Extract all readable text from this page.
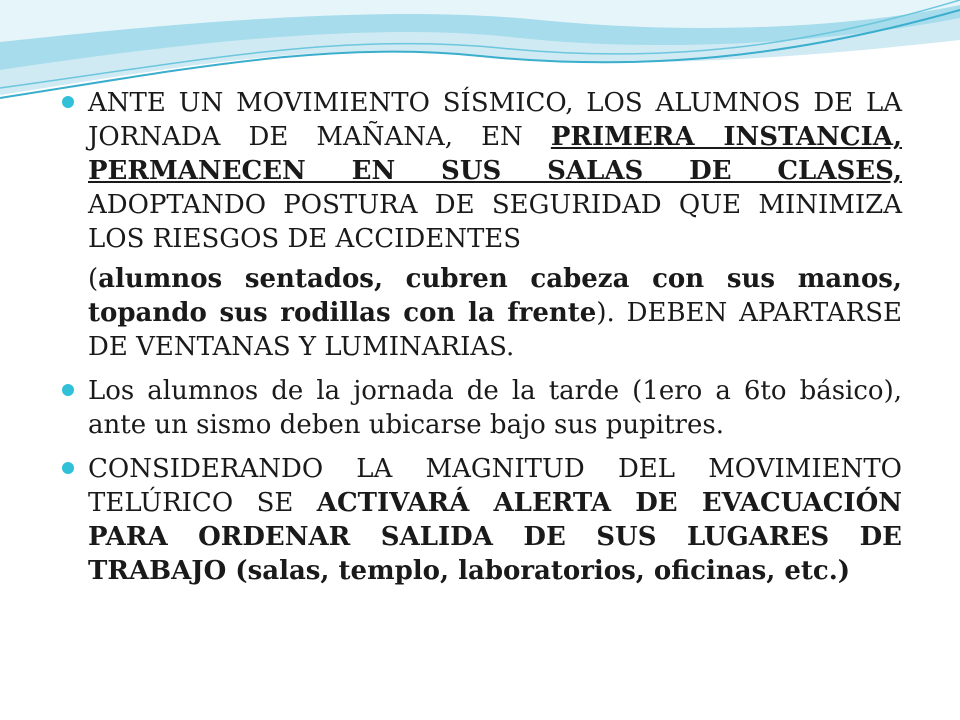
ANTE UN MOVIMIENTO SÍSMICO, LOS ALUMNOS DE LA JORNADA DE MAÑANA, EN PRIMERA INSTANCIA, PERMANECEN EN SUS SALAS DE CLASES, ADOPTANDO POSTURA DE SEGURIDAD QUE MINIMIZA LOS RIESGOS DE ACCIDENTES

(alumnos sentados, cubren cabeza con sus manos, topando sus rodillas con la frente). DEBEN APARTARSE DE VENTANAS Y LUMINARIAS.

Los alumnos de la jornada de la tarde (1ero a 6to básico), ante un sismo deben ubicarse bajo sus pupitres.

CONSIDERANDO LA MAGNITUD DEL MOVIMIENTO TELÚRICO SE ACTIVARÁ ALERTA DE EVACUACIÓN PARA ORDENAR SALIDA DE SUS LUGARES DE TRABAJO (salas, templo, laboratorios, oficinas, etc.)
